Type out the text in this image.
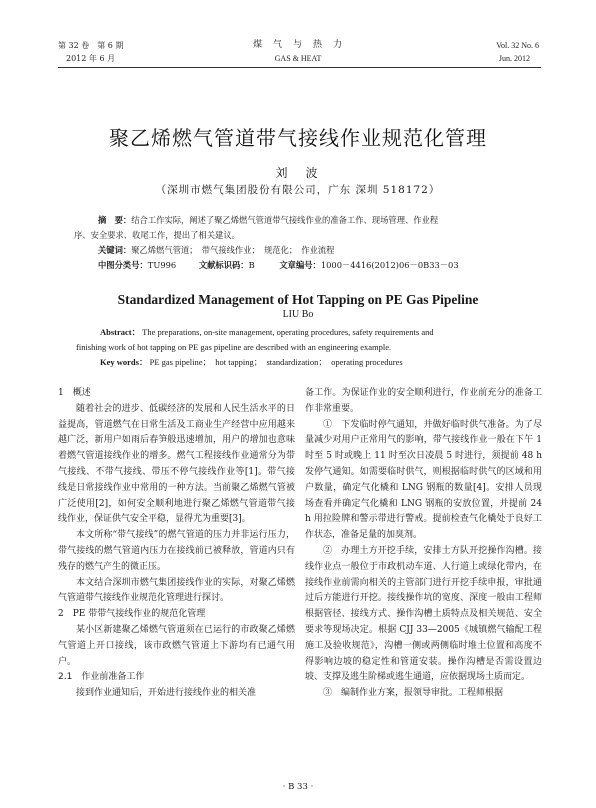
第 32 卷　第 6 期
2012 年 6 月
煤　气　与　热　力
GAS & HEAT
Vol. 32 No. 6
Jun. 2012
聚乙烯燃气管道带气接线作业规范化管理
刘　波
（深圳市燃气集团股份有限公司，广东 深圳 518172）
摘　要：结合工作实际，阐述了聚乙烯燃气管道带气接线作业的准备工作、现场管理、作业程
序、安全要求、收尾工作，提出了相关建议。
关键词：聚乙烯燃气管道；　带气接线作业；　规范化；　作业流程
中图分类号：TU996	文献标识码：B	文章编号：1000－4416(2012)06－0B33－03
Standardized Management of Hot Tapping on PE Gas Pipeline
LIU Bo
Abstract： The preparations, on-site management, operating procedures, safety requirements and
finishing work of hot tapping on PE gas pipeline are described with an engineering example.
Key words： PE gas pipeline；　hot tapping；　standardization；　operating procedures

1　概述

随着社会的进步、低碳经济的发展和人民生活水平的日益提高，管道燃气在日常生活及工商业生产经营中应用越来越广泛，新用户如雨后春笋般迅速增加，用户的增加也意味着燃气管道接线作业的增多。燃气工程接线作业通常分为带气接线、不带气接线、带压不停气接线作业等[1]。带气接线是日常接线作业中常用的一种方法。当前聚乙烯燃气管被广泛使用[2]，如何安全顺利地进行聚乙烯燃气管道带气接线作业，保证供气安全平稳，显得尤为重要[3]。

本文所称“带气接线”的燃气管道的压力并非运行压力，带气接线的燃气管道内压力在接线前已被释放，管道内只有残存的燃气产生的微正压。

本文结合深圳市燃气集团接线作业的实际，对聚乙烯燃气管道带气接线作业规范化管理进行探讨。

2　PE 带带气接线作业的规范化管理

某小区新建聚乙烯燃气管道须在已运行的市政聚乙烯燃气管道上开口接线，该市政燃气管道上下游均有已通气用户。

2.1　作业前准备工作

接到作业通知后，开始进行接线作业的相关准

备工作。为保证作业的安全顺利进行，作业前充分的准备工作非常重要。

①　下发临时停气通知，并做好临时供气准备。为了尽量减少对用户正常用气的影响，带气接线作业一般在下午 1 时至 5 时或晚上 11 时至次日凌晨 5 时进行，须提前 48 h 发停气通知。如需要临时供气，则根据临时供气的区域和用户数量，确定气化橇和 LNG 钢瓶的数量[4]。安排人员现场查看并确定气化橇和 LNG 钢瓶的安放位置，并提前 24 h 用拉险牌和警示带进行警戒。提前检查气化橇处于良好工作状态，准备足量的加臭剂。

②　办理土方开挖手续，安排土方队开挖操作沟槽。接线作业点一般位于市政机动车道、人行道上或绿化带内，在接线作业前需向相关的主管部门进行开挖手续申报，审批通过后方能进行开挖。接线操作坑的宽度、深度一般由工程师根据管径、接线方式、操作沟槽土质特点及相关规范、安全要求等现场决定。根据 CJJ 33—2005《城镇燃气输配工程施工及验收规范》，沟槽一侧或两侧临时堆土位置和高度不得影响边坡的稳定性和管道安装。操作沟槽是否需设置边坡、支撑及逃生阶梯或逃生通道，应依据现场土质而定。

③　编制作业方案，报领导审批。工程师根据

· B 33 ·
